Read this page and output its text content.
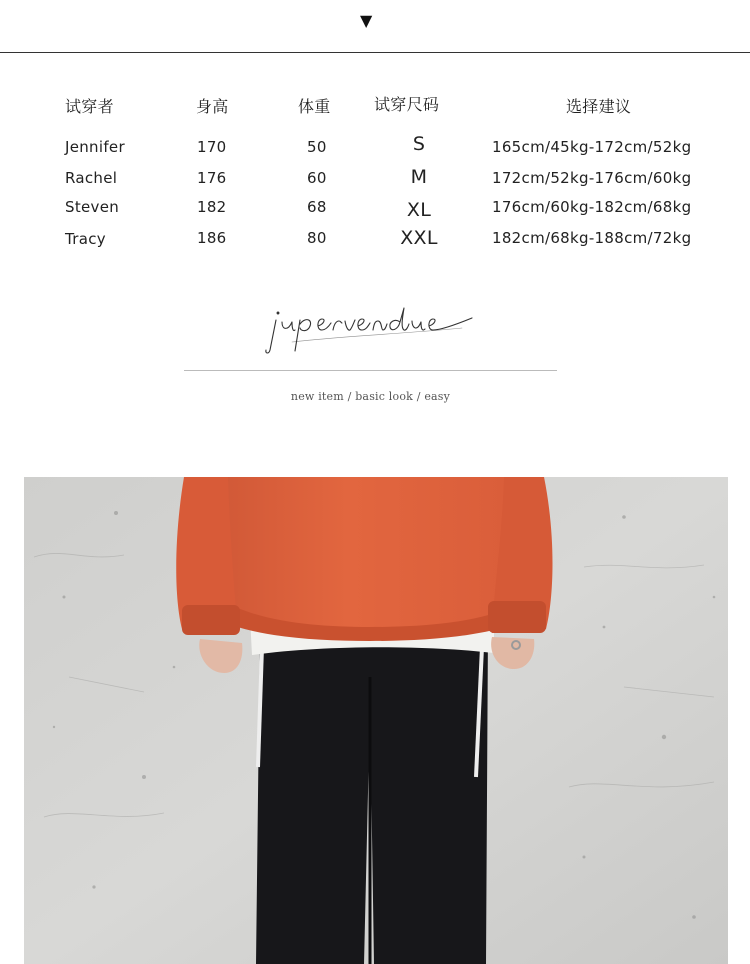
▼
试穿者	身高	体重	试穿尺码	选择建议
Jennifer	170	50	S	165cm/45kg-172cm/52kg
Rachel	176	60	M	172cm/52kg-176cm/60kg
Steven	182	68	XL	176cm/60kg-182cm/68kg
Tracy	186	80	XXL	182cm/68kg-188cm/72kg
new item / basic look / easy
